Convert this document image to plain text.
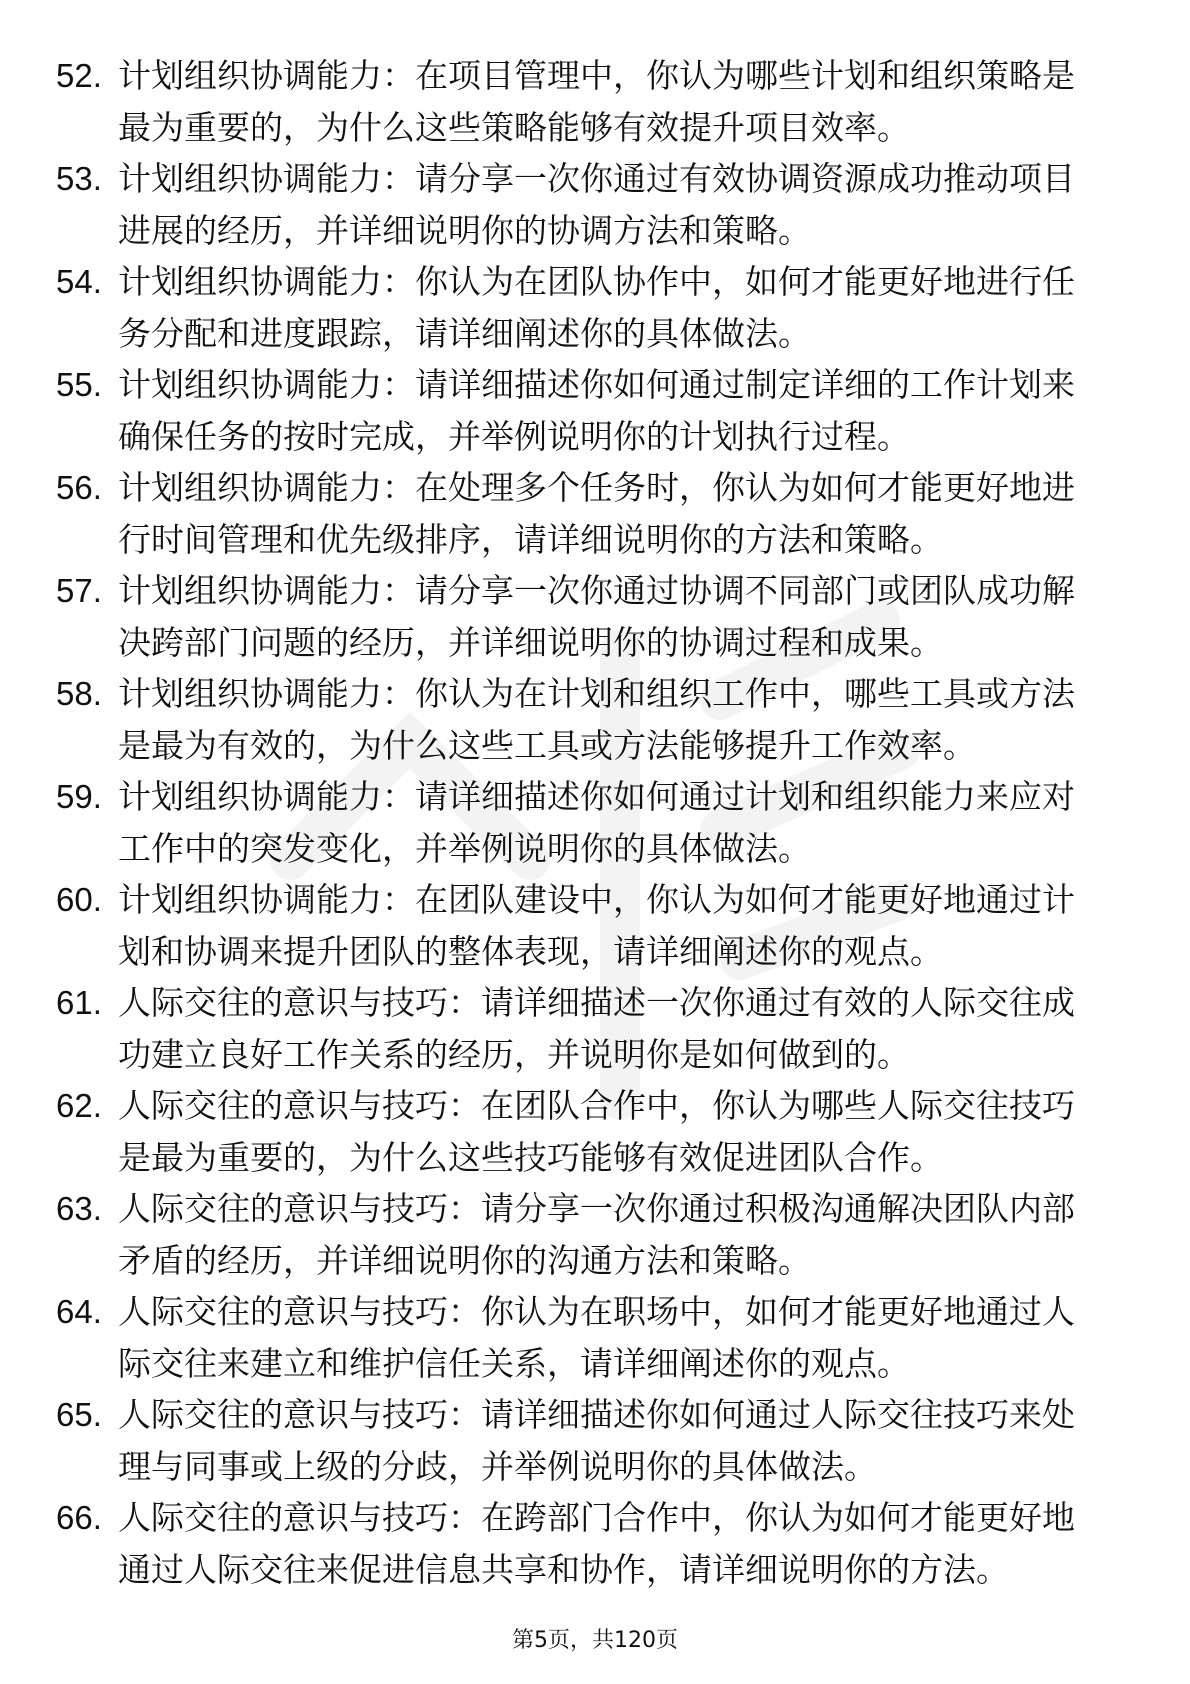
52. 计划组织协调能力：在项目管理中，你认为哪些计划和组织策略是最为重要的，为什么这些策略能够有效提升项目效率。
53. 计划组织协调能力：请分享一次你通过有效协调资源成功推动项目进展的经历，并详细说明你的协调方法和策略。
54. 计划组织协调能力：你认为在团队协作中，如何才能更好地进行任务分配和进度跟踪，请详细阐述你的具体做法。
55. 计划组织协调能力：请详细描述你如何通过制定详细的工作计划来确保任务的按时完成，并举例说明你的计划执行过程。
56. 计划组织协调能力：在处理多个任务时，你认为如何才能更好地进行时间管理和优先级排序，请详细说明你的方法和策略。
57. 计划组织协调能力：请分享一次你通过协调不同部门或团队成功解决跨部门问题的经历，并详细说明你的协调过程和成果。
58. 计划组织协调能力：你认为在计划和组织工作中，哪些工具或方法是最为有效的，为什么这些工具或方法能够提升工作效率。
59. 计划组织协调能力：请详细描述你如何通过计划和组织能力来应对工作中的突发变化，并举例说明你的具体做法。
60. 计划组织协调能力：在团队建设中，你认为如何才能更好地通过计划和协调来提升团队的整体表现，请详细阐述你的观点。
61. 人际交往的意识与技巧：请详细描述一次你通过有效的人际交往成功建立良好工作关系的经历，并说明你是如何做到的。
62. 人际交往的意识与技巧：在团队合作中，你认为哪些人际交往技巧是最为重要的，为什么这些技巧能够有效促进团队合作。
63. 人际交往的意识与技巧：请分享一次你通过积极沟通解决团队内部矛盾的经历，并详细说明你的沟通方法和策略。
64. 人际交往的意识与技巧：你认为在职场中，如何才能更好地通过人际交往来建立和维护信任关系，请详细阐述你的观点。
65. 人际交往的意识与技巧：请详细描述你如何通过人际交往技巧来处理与同事或上级的分歧，并举例说明你的具体做法。
66. 人际交往的意识与技巧：在跨部门合作中，你认为如何才能更好地通过人际交往来促进信息共享和协作，请详细说明你的方法。
第5页，共120页
